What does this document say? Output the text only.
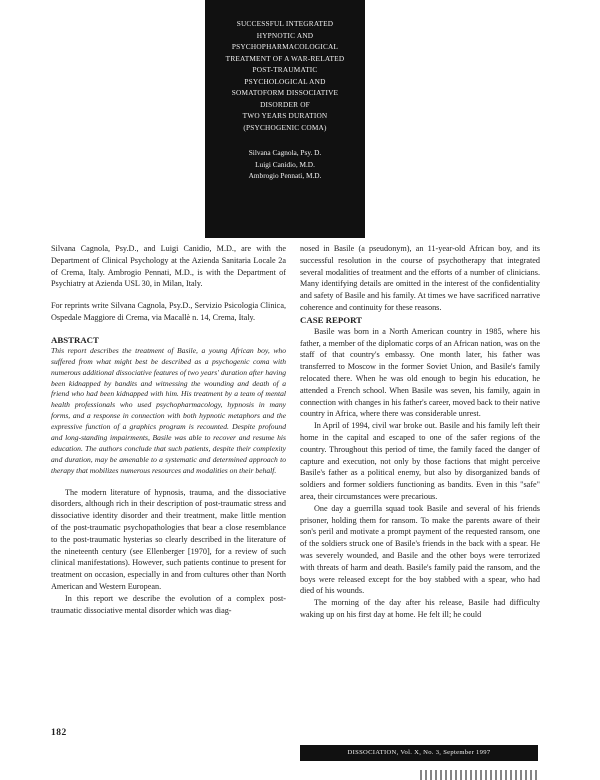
SUCCESSFUL INTEGRATED
HYPNOTIC AND
PSYCHOPHARMACOLOGICAL
TREATMENT OF A WAR-RELATED
POST-TRAUMATIC
PSYCHOLOGICAL AND
SOMATOFORM DISSOCIATIVE
DISORDER OF
TWO YEARS DURATION
(PSYCHOGENIC COMA)
Silvana Cagnola, Psy. D.
Luigi Canidio, M.D.
Ambrogio Pennati, M.D.

Silvana Cagnola, Psy.D., and Luigi Canidio, M.D., are with the Department of Clinical Psychology at the Azienda Sanitaria Locale 2a of Crema, Italy. Ambrogio Pennati, M.D., is with the Department of Psychiatry at Azienda USL 30, in Milan, Italy.

For reprints write Silvana Cagnola, Psy.D., Servizio Psicologia Clinica, Ospedale Maggiore di Crema, via Macallè n. 14, Crema, Italy.

ABSTRACT

This report describes the treatment of Basile, a young African boy, who suffered from what might best be described as a psychogenic coma with numerous additional dissociative features of two years' duration after having been kidnapped by bandits and witnessing the wounding and death of a friend who had been kidnapped with him. His treatment by a team of mental health professionals who used psychopharmacology, hypnosis in many forms, and a response in connection with both hypnotic metaphors and the expressive function of a graphics program is recounted. Despite profound and long-standing impairments, Basile was able to recover and resume his education. The authors conclude that such patients, despite their complexity and duration, may be amenable to a systematic and determined approach to therapy that mobilizes numerous resources and modalities on their behalf.

The modern literature of hypnosis, trauma, and the dissociative disorders, although rich in their description of post-traumatic stress and dissociative identity disorder and their treatment, make little mention of the post-traumatic psychopathologies that bear a close resemblance to the post-traumatic hysterias so clearly described in the literature of the nineteenth century (see Ellenberger [1970], for a review of such clinical manifestations). However, such patients continue to present for treatment on occasion, especially in and from cultures other than North American and Western European.

In this report we describe the evolution of a complex post-traumatic dissociative mental disorder which was diag-

nosed in Basile (a pseudonym), an 11-year-old African boy, and its successful resolution in the course of psychotherapy that integrated several modalities of treatment and the efforts of a number of clinicians. Many identifying details are omitted in the interest of the confidentiality and safety of Basile and his family. At times we have sacrificed narrative coherence and continuity for these reasons.

CASE REPORT

Basile was born in a North American country in 1985, where his father, a member of the diplomatic corps of an African nation, was on the staff of that country's embassy. One month later, his father was transferred to Moscow in the former Soviet Union, and Basile's family relocated there. When he was old enough to begin his education, he attended a French school. When Basile was seven, his family, again in connection with changes in his father's career, moved back to their native country in Africa, where there was considerable unrest.

In April of 1994, civil war broke out. Basile and his family left their home in the capital and escaped to one of the safer regions of the country. Throughout this period of time, the family faced the danger of capture and execution, not only by those factions that might perceive Basile's father as a political enemy, but also by disorganized bands of soldiers and former soldiers functioning as bandits. Even in this "safe" area, their circumstances were precarious.

One day a guerrilla squad took Basile and several of his friends prisoner, holding them for ransom. To make the parents aware of their son's peril and motivate a prompt payment of the requested ransom, one of the soldiers struck one of Basile's friends in the back with a spear. He was severely wounded, and Basile and the other boys were terrorized with threats of harm and death. Basile's family paid the ransom, and the boys were released except for the boy stabbed with a spear, who had died of his wounds.

The morning of the day after his release, Basile had difficulty waking up on his first day at home. He felt ill; he could

182
DISSOCIATION, Vol. X, No. 3, September 1997
